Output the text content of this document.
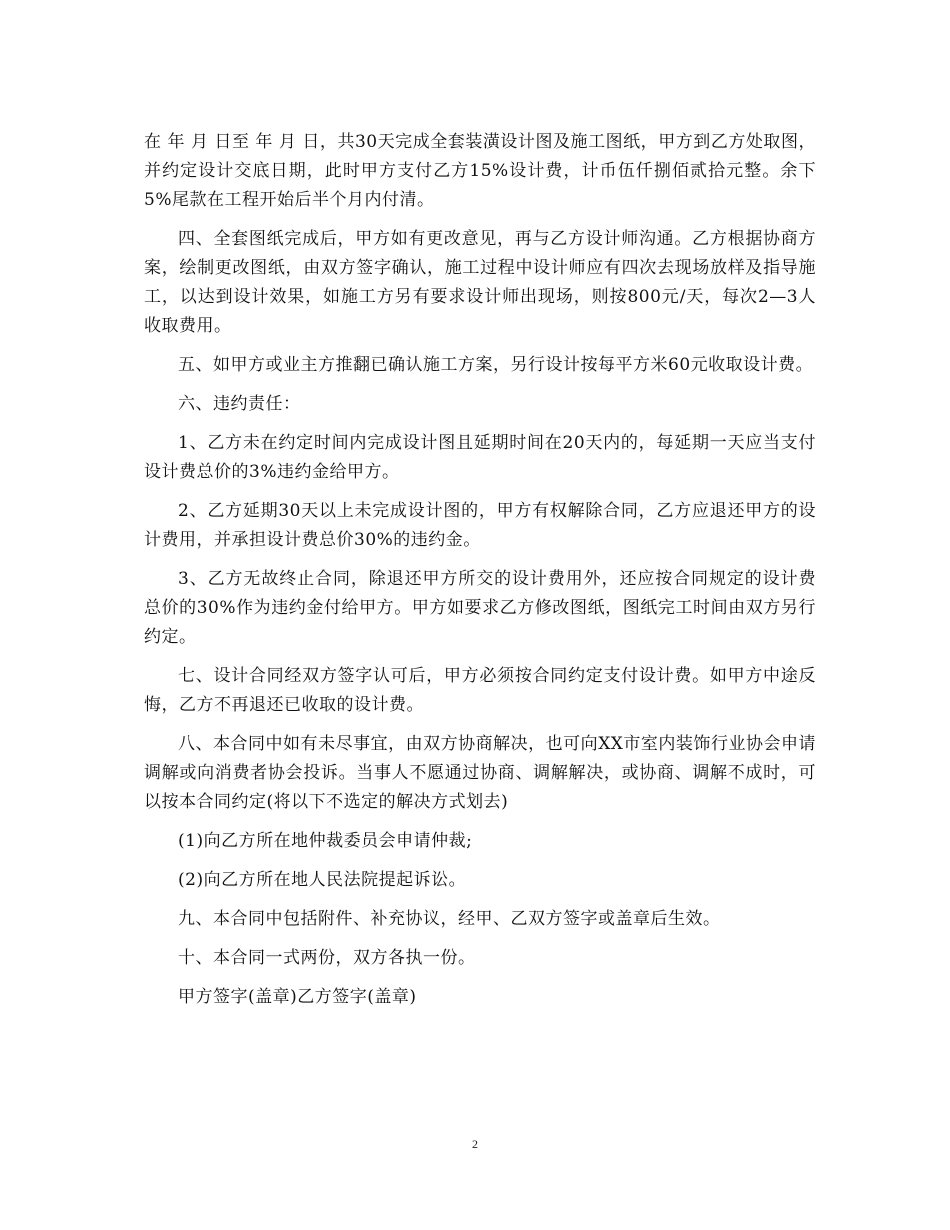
在 年 月 日至 年 月 日，共30天完成全套装潢设计图及施工图纸，甲方到乙方处取图，并约定设计交底日期，此时甲方支付乙方15%设计费，计币伍仟捌佰贰拾元整。余下5%尾款在工程开始后半个月内付清。

四、全套图纸完成后，甲方如有更改意见，再与乙方设计师沟通。乙方根据协商方案，绘制更改图纸，由双方签字确认，施工过程中设计师应有四次去现场放样及指导施工，以达到设计效果，如施工方另有要求设计师出现场，则按800元/天，每次2—3人收取费用。

五、如甲方或业主方推翻已确认施工方案，另行设计按每平方米60元收取设计费。

六、违约责任：

1、乙方未在约定时间内完成设计图且延期时间在20天内的，每延期一天应当支付设计费总价的3%违约金给甲方。

2、乙方延期30天以上未完成设计图的，甲方有权解除合同，乙方应退还甲方的设计费用，并承担设计费总价30%的违约金。

3、乙方无故终止合同，除退还甲方所交的设计费用外，还应按合同规定的设计费总价的30%作为违约金付给甲方。甲方如要求乙方修改图纸，图纸完工时间由双方另行约定。

七、设计合同经双方签字认可后，甲方必须按合同约定支付设计费。如甲方中途反悔，乙方不再退还已收取的设计费。

八、本合同中如有未尽事宜，由双方协商解决，也可向XX市室内装饰行业协会申请调解或向消费者协会投诉。当事人不愿通过协商、调解解决，或协商、调解不成时，可以按本合同约定(将以下不选定的解决方式划去)

(1)向乙方所在地仲裁委员会申请仲裁;

(2)向乙方所在地人民法院提起诉讼。

九、本合同中包括附件、补充协议，经甲、乙双方签字或盖章后生效。

十、本合同一式两份，双方各执一份。

甲方签字(盖章)乙方签字(盖章)

2
